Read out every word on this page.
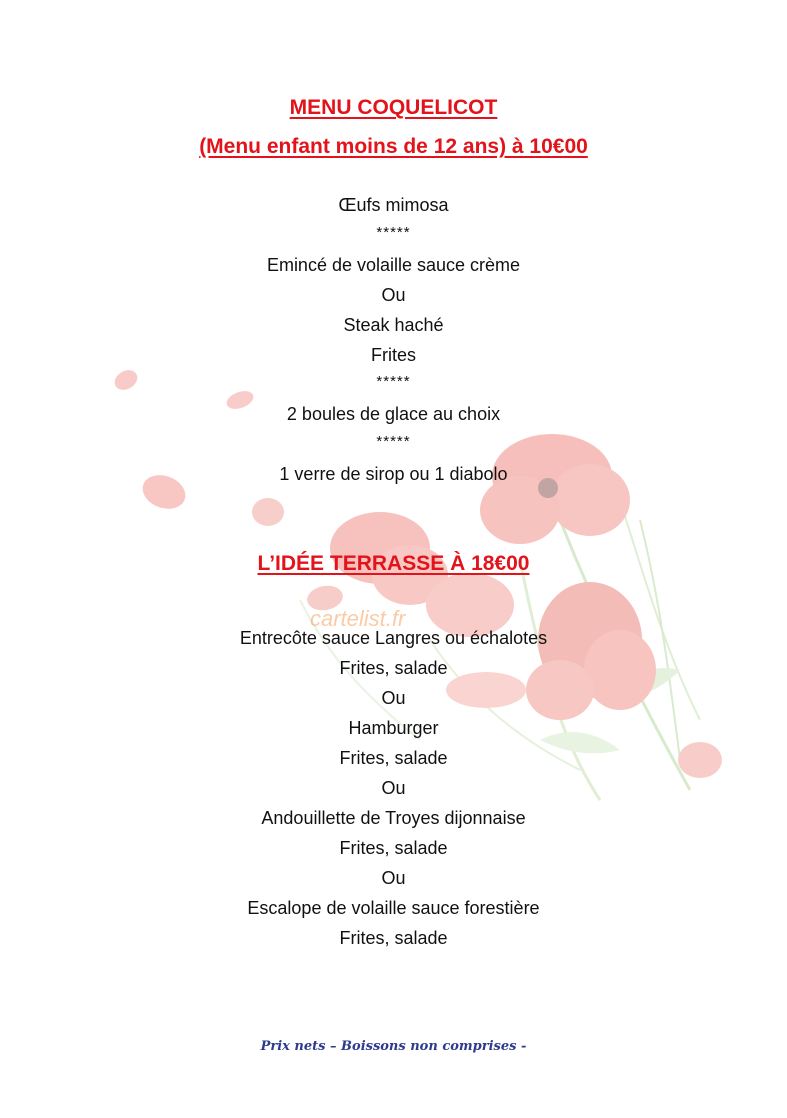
cartelist.fr
MENU COQUELICOT
(Menu enfant moins de 12 ans) à 10€00

Œufs mimosa

*****

Emincé de volaille sauce crème

Ou

Steak haché

Frites

*****

2 boules de glace au choix

*****

1 verre de sirop ou 1 diabolo

L’IDÉE TERRASSE À 18€00

Entrecôte sauce Langres ou échalotes

Frites, salade

Ou

Hamburger

Frites, salade

Ou

Andouillette de Troyes dijonnaise

Frites, salade

Ou

Escalope de volaille sauce forestière

Frites, salade

Prix nets – Boissons non comprises -
